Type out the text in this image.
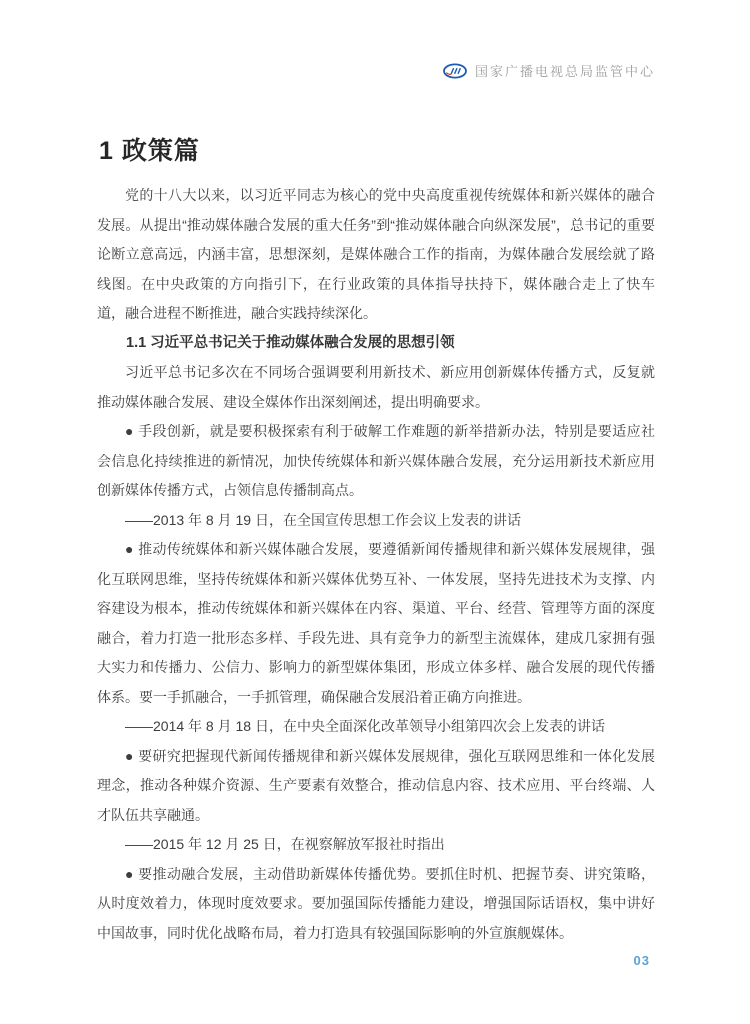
国家广播电视总局监管中心
1 政策篇

党的十八大以来，以习近平同志为核心的党中央高度重视传统媒体和新兴媒体的融合发展。从提出“推动媒体融合发展的重大任务”到“推动媒体融合向纵深发展”，总书记的重要论断立意高远，内涵丰富，思想深刻，是媒体融合工作的指南，为媒体融合发展绘就了路线图。在中央政策的方向指引下，在行业政策的具体指导扶持下，媒体融合走上了快车道，融合进程不断推进，融合实践持续深化。

1.1 习近平总书记关于推动媒体融合发展的思想引领

习近平总书记多次在不同场合强调要利用新技术、新应用创新媒体传播方式，反复就推动媒体融合发展、建设全媒体作出深刻阐述，提出明确要求。

● 手段创新，就是要积极探索有利于破解工作难题的新举措新办法，特别是要适应社会信息化持续推进的新情况，加快传统媒体和新兴媒体融合发展，充分运用新技术新应用创新媒体传播方式，占领信息传播制高点。

——2013 年 8 月 19 日，在全国宣传思想工作会议上发表的讲话

● 推动传统媒体和新兴媒体融合发展，要遵循新闻传播规律和新兴媒体发展规律，强化互联网思维，坚持传统媒体和新兴媒体优势互补、一体发展，坚持先进技术为支撑、内容建设为根本，推动传统媒体和新兴媒体在内容、渠道、平台、经营、管理等方面的深度融合，着力打造一批形态多样、手段先进、具有竞争力的新型主流媒体，建成几家拥有强大实力和传播力、公信力、影响力的新型媒体集团，形成立体多样、融合发展的现代传播体系。要一手抓融合，一手抓管理，确保融合发展沿着正确方向推进。

——2014 年 8 月 18 日，在中央全面深化改革领导小组第四次会上发表的讲话

● 要研究把握现代新闻传播规律和新兴媒体发展规律，强化互联网思维和一体化发展理念，推动各种媒介资源、生产要素有效整合，推动信息内容、技术应用、平台终端、人才队伍共享融通。

——2015 年 12 月 25 日，在视察解放军报社时指出

● 要推动融合发展，主动借助新媒体传播优势。要抓住时机、把握节奏、讲究策略，从时度效着力，体现时度效要求。要加强国际传播能力建设，增强国际话语权，集中讲好中国故事，同时优化战略布局，着力打造具有较强国际影响的外宣旗舰媒体。

03
